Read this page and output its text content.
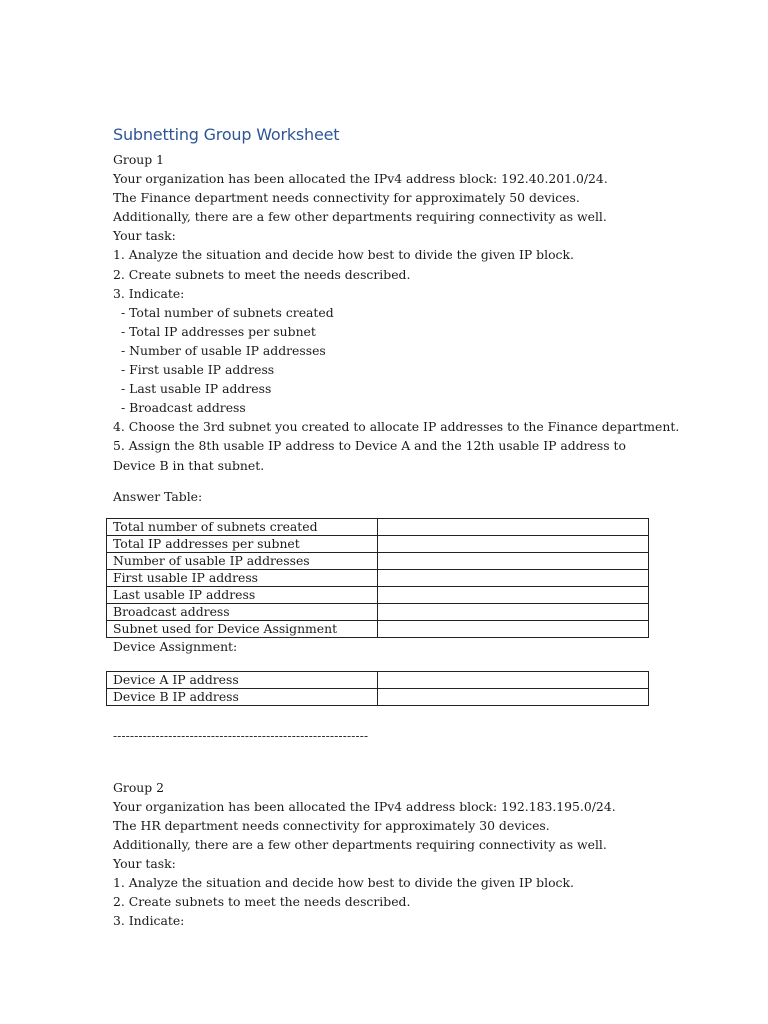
Subnetting Group Worksheet
Group 1
Your organization has been allocated the IPv4 address block: 192.40.201.0/24.
The Finance department needs connectivity for approximately 50 devices.
Additionally, there are a few other departments requiring connectivity as well.
Your task:
1. Analyze the situation and decide how best to divide the given IP block.
2. Create subnets to meet the needs described.
3. Indicate:
- Total number of subnets created
- Total IP addresses per subnet
- Number of usable IP addresses
- First usable IP address
- Last usable IP address
- Broadcast address
4. Choose the 3rd subnet you created to allocate IP addresses to the Finance department.
5. Assign the 8th usable IP address to Device A and the 12th usable IP address to Device B in that subnet.
Answer Table:
Total number of subnets created	
Total IP addresses per subnet	
Number of usable IP addresses	
First usable IP address	
Last usable IP address	
Broadcast address	
Subnet used for Device Assignment	
Device Assignment:
Device A IP address	
Device B IP address	
------------------------------------------------------------
Group 2
Your organization has been allocated the IPv4 address block: 192.183.195.0/24.
The HR department needs connectivity for approximately 30 devices.
Additionally, there are a few other departments requiring connectivity as well.
Your task:
1. Analyze the situation and decide how best to divide the given IP block.
2. Create subnets to meet the needs described.
3. Indicate:
